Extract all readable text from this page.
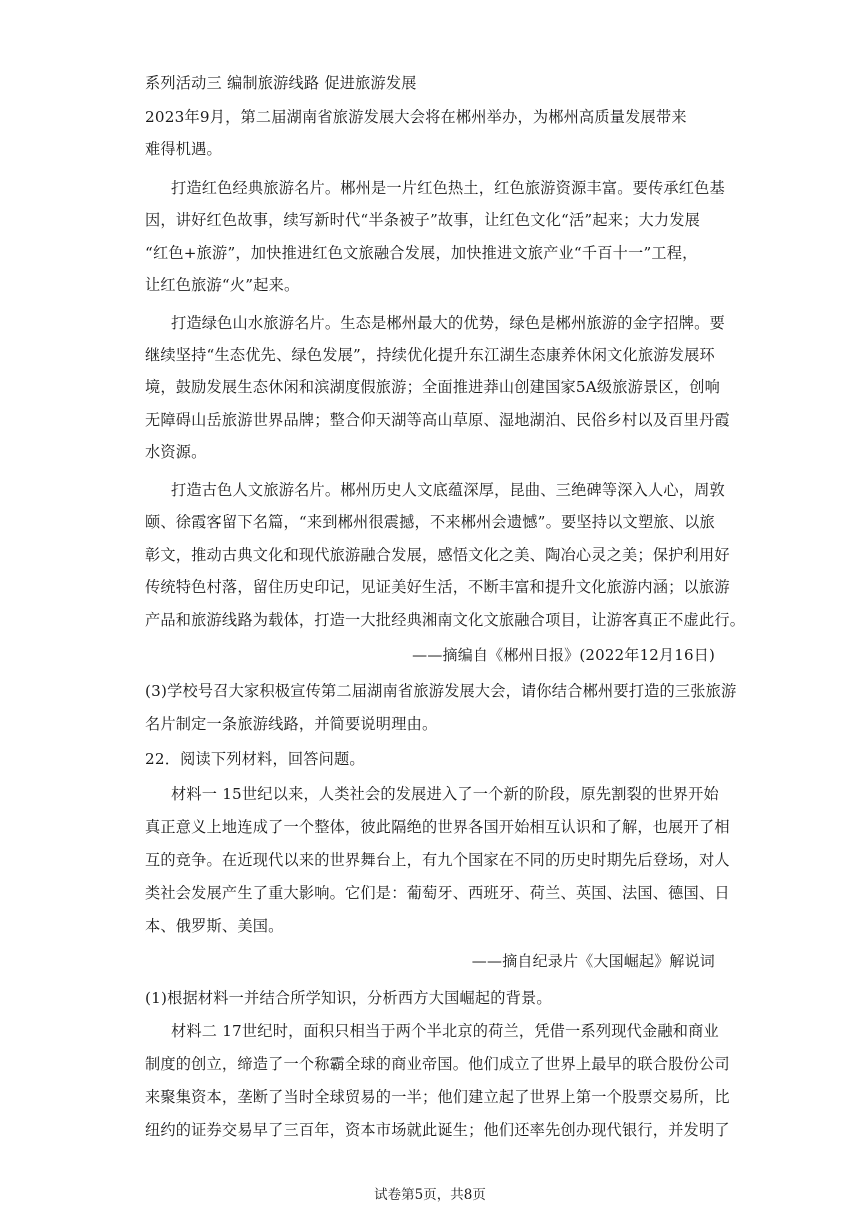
系列活动三 编制旅游线路 促进旅游发展
2023年9月，第二届湖南省旅游发展大会将在郴州举办，为郴州高质量发展带来
难得机遇。
打造红色经典旅游名片。郴州是一片红色热土，红色旅游资源丰富。要传承红色基
因，讲好红色故事，续写新时代“半条被子”故事，让红色文化“活”起来；大力发展
“红色+旅游”，加快推进红色文旅融合发展，加快推进文旅产业“千百十一”工程，
让红色旅游“火”起来。
打造绿色山水旅游名片。生态是郴州最大的优势，绿色是郴州旅游的金字招牌。要
继续坚持“生态优先、绿色发展”，持续优化提升东江湖生态康养休闲文化旅游发展环
境，鼓励发展生态休闲和滨湖度假旅游；全面推进莽山创建国家5A级旅游景区，创响
无障碍山岳旅游世界品牌；整合仰天湖等高山草原、湿地湖泊、民俗乡村以及百里丹霞
水资源。
打造古色人文旅游名片。郴州历史人文底蕴深厚，昆曲、三绝碑等深入人心，周敦
颐、徐霞客留下名篇，“来到郴州很震撼，不来郴州会遗憾”。要坚持以文塑旅、以旅
彰文，推动古典文化和现代旅游融合发展，感悟文化之美、陶冶心灵之美；保护利用好
传统特色村落，留住历史印记，见证美好生活，不断丰富和提升文化旅游内涵；以旅游
产品和旅游线路为载体，打造一大批经典湘南文化文旅融合项目，让游客真正不虚此行。
——摘编自《郴州日报》(2022年12月16日)
(3)学校号召大家积极宣传第二届湖南省旅游发展大会，请你结合郴州要打造的三张旅游
名片制定一条旅游线路，并简要说明理由。
22．阅读下列材料，回答问题。
材料一 15世纪以来，人类社会的发展进入了一个新的阶段，原先割裂的世界开始
真正意义上地连成了一个整体，彼此隔绝的世界各国开始相互认识和了解，也展开了相
互的竞争。在近现代以来的世界舞台上，有九个国家在不同的历史时期先后登场，对人
类社会发展产生了重大影响。它们是：葡萄牙、西班牙、荷兰、英国、法国、德国、日
本、俄罗斯、美国。
——摘自纪录片《大国崛起》解说词
(1)根据材料一并结合所学知识，分析西方大国崛起的背景。
材料二 17世纪时，面积只相当于两个半北京的荷兰，凭借一系列现代金融和商业
制度的创立，缔造了一个称霸全球的商业帝国。他们成立了世界上最早的联合股份公司
来聚集资本，垄断了当时全球贸易的一半；他们建立起了世界上第一个股票交易所，比
纽约的证券交易早了三百年，资本市场就此诞生；他们还率先创办现代银行，并发明了
试卷第5页，共8页
